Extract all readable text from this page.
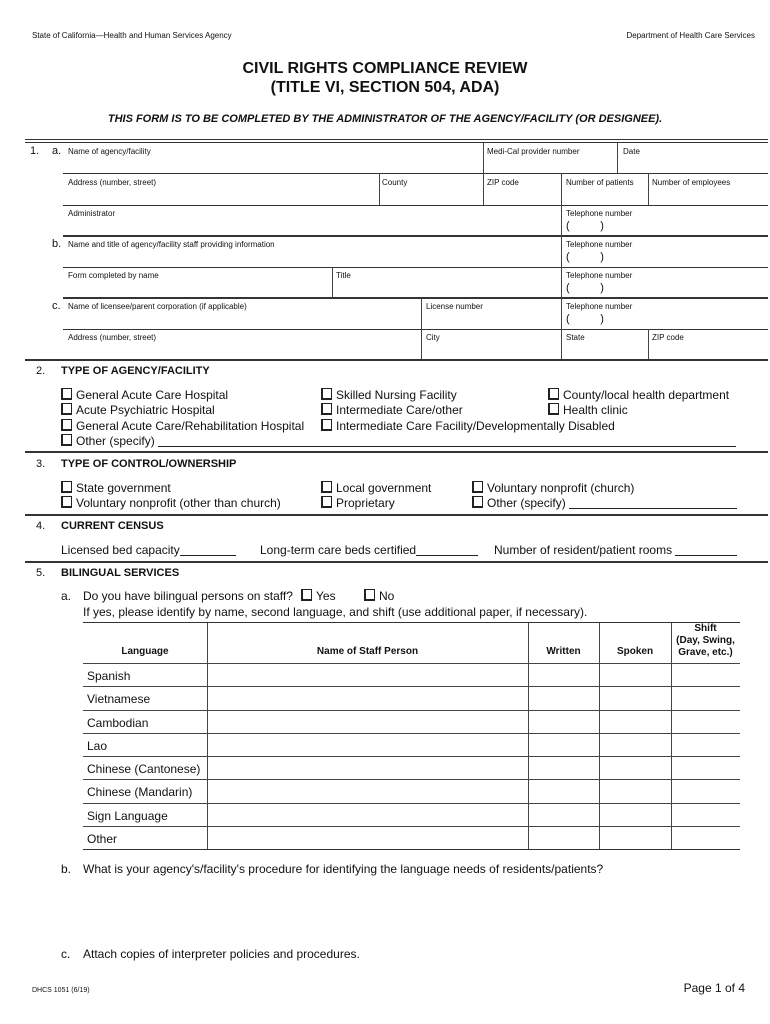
State of California—Health and Human Services Agency	Department of Health Care Services
CIVIL RIGHTS COMPLIANCE REVIEW
(TITLE VI, SECTION 504, ADA)
THIS FORM IS TO BE COMPLETED BY THE ADMINISTRATOR OF THE AGENCY/FACILITY (OR DESIGNEE).
1. a.
b.
c.
Name of agency/facility	Medi-Cal provider number	Date
Address (number, street)	County	ZIP code	Number of patients Number of employees
Administrator	Telephone number
(          )
Name and title of agency/facility staff providing information	Telephone number
(          )
Form completed by name	Title	Telephone number
(          )
Name of licensee/parent corporation (if applicable)	License number	Telephone number
(          )
Address (number, street)	City	State	ZIP code
2. TYPE OF AGENCY/FACILITY
General Acute Care Hospital
Acute Psychiatric Hospital
General Acute Care/Rehabilitation Hospital
Other (specify)
Skilled Nursing Facility
Intermediate Care/other
Intermediate Care Facility/Developmentally Disabled
County/local health department
Health clinic
3. TYPE OF CONTROL/OWNERSHIP
State government
Voluntary nonprofit (other than church)
Local government
Proprietary
Voluntary nonprofit (church)
Other (specify)
4. CURRENT CENSUS
Licensed bed capacity	Long-term care beds certified	Number of resident/patient rooms
5. BILINGUAL SERVICES
a. Do you have bilingual persons on staff?	Yes	No
If yes, please identify by name, second language, and shift (use additional paper, if necessary).
Language	Name of Staff Person	Written	Spoken
Shift
(Day, Swing,
Grave, etc.)
Spanish
Vietnamese
Cambodian
Lao
Chinese (Cantonese)
Chinese (Mandarin)
Sign Language
Other
b. What is your agency's/facility's procedure for identifying the language needs of residents/patients?
c. Attach copies of interpreter policies and procedures.
DHCS 1051 (6/19)	Page 1 of 4
